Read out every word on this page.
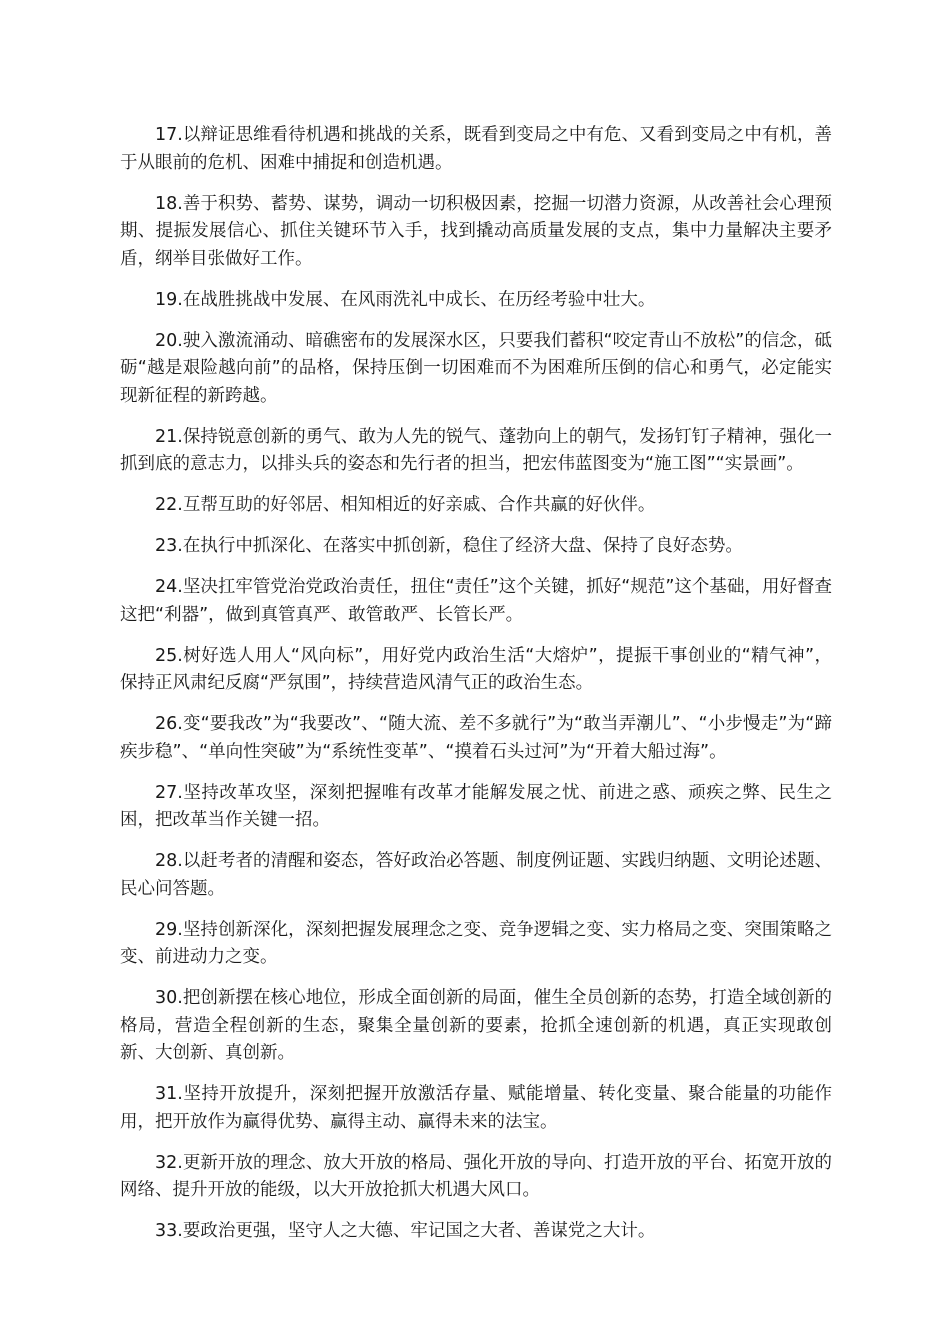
17.以辩证思维看待机遇和挑战的关系，既看到变局之中有危、又看到变局之中有机，善于从眼前的危机、困难中捕捉和创造机遇。

18.善于积势、蓄势、谋势，调动一切积极因素，挖掘一切潜力资源，从改善社会心理预期、提振发展信心、抓住关键环节入手，找到撬动高质量发展的支点，集中力量解决主要矛盾，纲举目张做好工作。

19.在战胜挑战中发展、在风雨洗礼中成长、在历经考验中壮大。

20.驶入激流涌动、暗礁密布的发展深水区，只要我们蓄积“咬定青山不放松”的信念，砥砺“越是艰险越向前”的品格，保持压倒一切困难而不为困难所压倒的信心和勇气，必定能实现新征程的新跨越。

21.保持锐意创新的勇气、敢为人先的锐气、蓬勃向上的朝气，发扬钉钉子精神，强化一抓到底的意志力，以排头兵的姿态和先行者的担当，把宏伟蓝图变为“施工图”“实景画”。

22.互帮互助的好邻居、相知相近的好亲戚、合作共赢的好伙伴。

23.在执行中抓深化、在落实中抓创新，稳住了经济大盘、保持了良好态势。

24.坚决扛牢管党治党政治责任，扭住“责任”这个关键，抓好“规范”这个基础，用好督查这把“利器”，做到真管真严、敢管敢严、长管长严。

25.树好选人用人“风向标”，用好党内政治生活“大熔炉”，提振干事创业的“精气神”，保持正风肃纪反腐“严氛围”，持续营造风清气正的政治生态。

26.变“要我改”为“我要改”、“随大流、差不多就行”为“敢当弄潮儿”、“小步慢走”为“蹄疾步稳”、“单向性突破”为“系统性变革”、“摸着石头过河”为“开着大船过海”。

27.坚持改革攻坚，深刻把握唯有改革才能解发展之忧、前进之惑、顽疾之弊、民生之困，把改革当作关键一招。

28.以赶考者的清醒和姿态，答好政治必答题、制度例证题、实践归纳题、文明论述题、民心问答题。

29.坚持创新深化，深刻把握发展理念之变、竞争逻辑之变、实力格局之变、突围策略之变、前进动力之变。

30.把创新摆在核心地位，形成全面创新的局面，催生全员创新的态势，打造全域创新的格局，营造全程创新的生态，聚集全量创新的要素，抢抓全速创新的机遇，真正实现敢创新、大创新、真创新。

31.坚持开放提升，深刻把握开放激活存量、赋能增量、转化变量、聚合能量的功能作用，把开放作为赢得优势、赢得主动、赢得未来的法宝。

32.更新开放的理念、放大开放的格局、强化开放的导向、打造开放的平台、拓宽开放的网络、提升开放的能级，以大开放抢抓大机遇大风口。

33.要政治更强，坚守人之大德、牢记国之大者、善谋党之大计。
